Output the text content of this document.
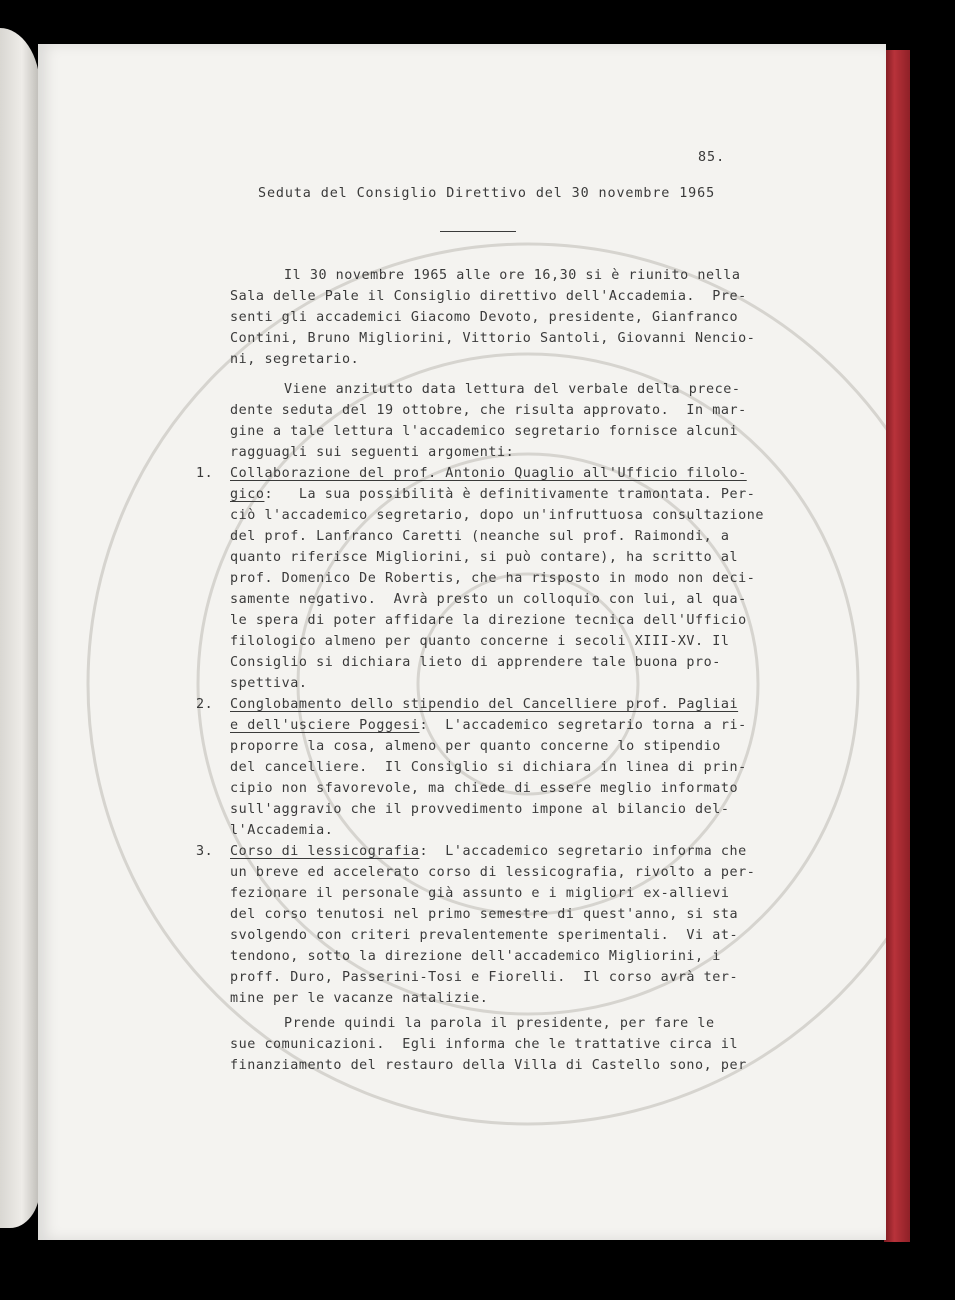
85.
Seduta del Consiglio Direttivo del 30 novembre 1965
Il 30 novembre 1965 alle ore 16,30 si è riunito nella
Sala delle Pale il Consiglio direttivo dell'Accademia.  Pre-
senti gli accademici Giacomo Devoto, presidente, Gianfranco
Contini, Bruno Migliorini, Vittorio Santoli, Giovanni Nencio-
ni, segretario.
Viene anzitutto data lettura del verbale della prece-
dente seduta del 19 ottobre, che risulta approvato.  In mar-
gine a tale lettura l'accademico segretario fornisce alcuni
ragguagli sui seguenti argomenti:
1. Collaborazione del prof. Antonio Quaglio all'Ufficio filolo-
gico:   La sua possibilità è definitivamente tramontata. Per-
ciò l'accademico segretario, dopo un'infruttuosa consultazione
del prof. Lanfranco Caretti (neanche sul prof. Raimondi, a
quanto riferisce Migliorini, si può contare), ha scritto al
prof. Domenico De Robertis, che ha risposto in modo non deci-
samente negativo.  Avrà presto un colloquio con lui, al qua-
le spera di poter affidare la direzione tecnica dell'Ufficio
filologico almeno per quanto concerne i secoli XIII-XV. Il
Consiglio si dichiara lieto di apprendere tale buona pro-
spettiva.
2. Conglobamento dello stipendio del Cancelliere prof. Pagliai
e dell'usciere Poggesi:  L'accademico segretario torna a ri-
proporre la cosa, almeno per quanto concerne lo stipendio
del cancelliere.  Il Consiglio si dichiara in linea di prin-
cipio non sfavorevole, ma chiede di essere meglio informato
sull'aggravio che il provvedimento impone al bilancio del-
l'Accademia.
3. Corso di lessicografia:  L'accademico segretario informa che
un breve ed accelerato corso di lessicografia, rivolto a per-
fezionare il personale già assunto e i migliori ex-allievi
del corso tenutosi nel primo semestre di quest'anno, si sta
svolgendo con criteri prevalentemente sperimentali.  Vi at-
tendono, sotto la direzione dell'accademico Migliorini, i
proff. Duro, Passerini-Tosi e Fiorelli.  Il corso avrà ter-
mine per le vacanze natalizie.
Prende quindi la parola il presidente, per fare le
sue comunicazioni.  Egli informa che le trattative circa il
finanziamento del restauro della Villa di Castello sono, per
